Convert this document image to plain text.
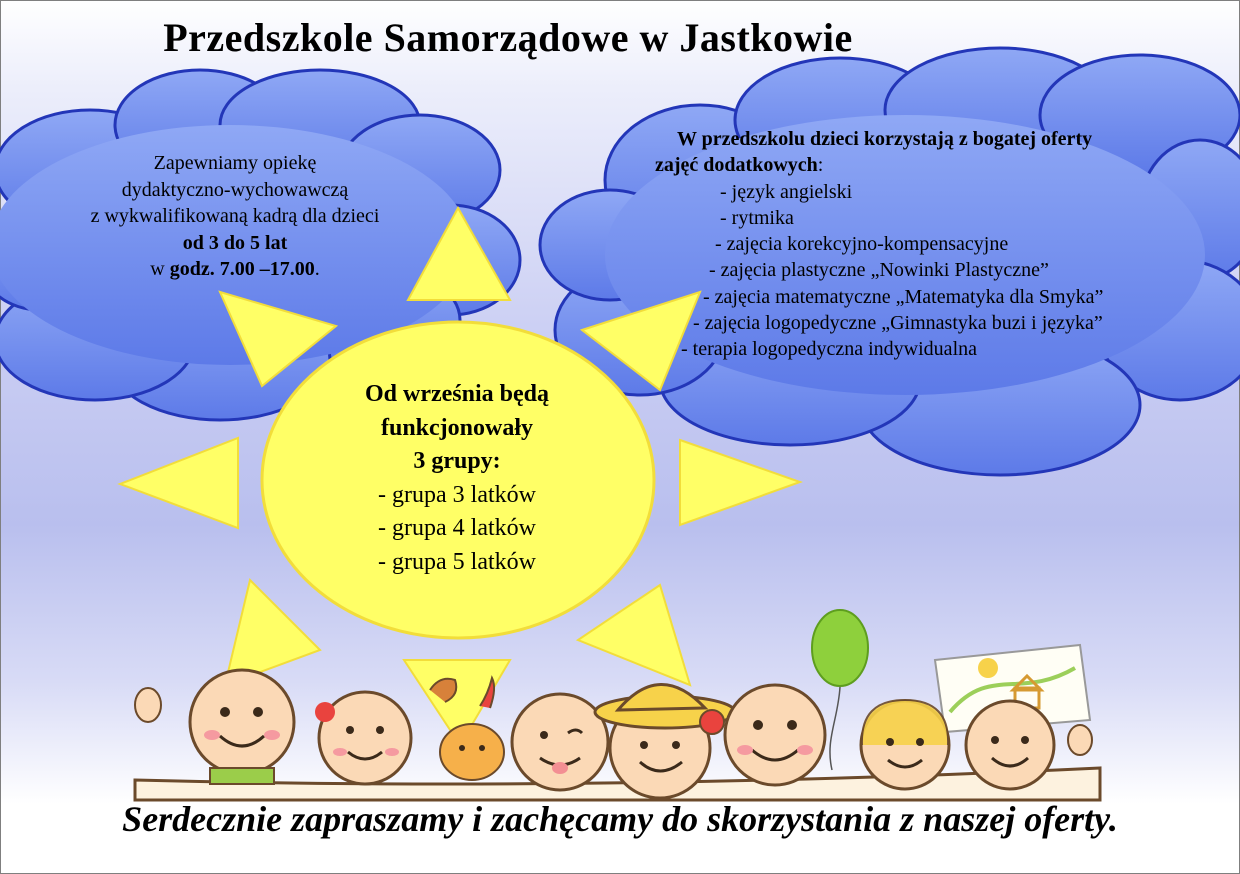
Przedszkole Samorządowe w Jastkowie
Zapewniamy opiekę
dydaktyczno-wychowawczą
z wykwalifikowaną kadrą dla dzieci
od 3 do 5 lat
w godz. 7.00 –17.00.

W przedszkolu dzieci korzystają z bogatej oferty

zajęć dodatkowych:

- język angielski
- rytmika
- zajęcia korekcyjno-kompensacyjne
- zajęcia plastyczne „Nowinki Plastyczne”
- zajęcia matematyczne „Matematyka dla Smyka”
- zajęcia logopedyczne „Gimnastyka buzi i języka”
- terapia logopedyczna indywidualna
Od września będą
funkcjonowały
3 grupy:
- grupa 3 latków
- grupa 4 latków
- grupa 5 latków
Serdecznie zapraszamy i zachęcamy do skorzystania z naszej oferty.
